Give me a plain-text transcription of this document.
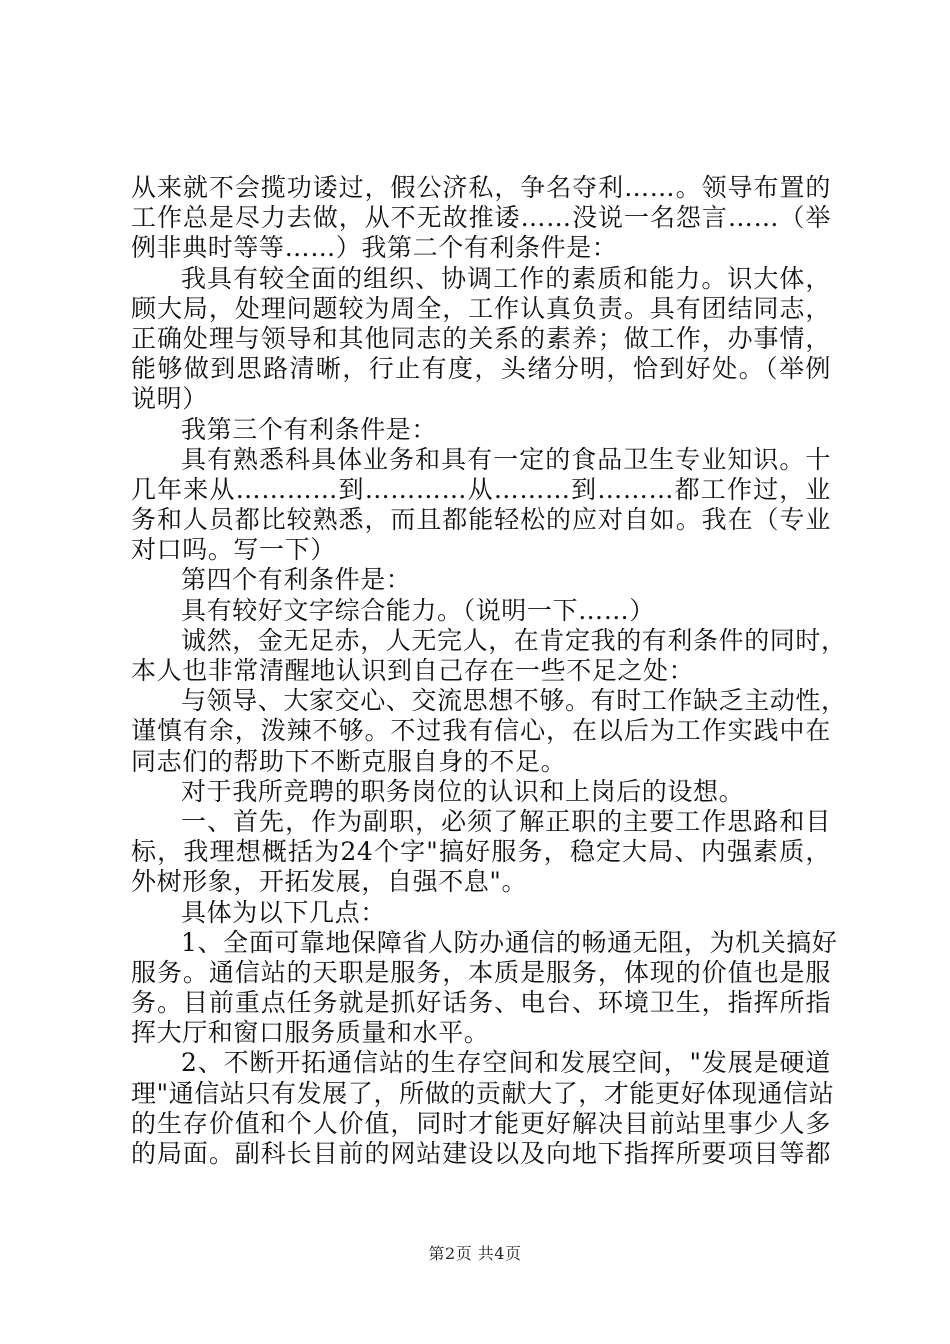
从来就不会揽功诿过，假公济私，争名夺利……。领导布置的
工作总是尽力去做，从不无故推诿……没说一名怨言……（举
例非典时等等……）我第二个有利条件是：
我具有较全面的组织、协调工作的素质和能力。识大体，
顾大局，处理问题较为周全，工作认真负责。具有团结同志，
正确处理与领导和其他同志的关系的素养；做工作，办事情，
能够做到思路清晰，行止有度，头绪分明，恰到好处。（举例
说明）
我第三个有利条件是：
具有熟悉科具体业务和具有一定的食品卫生专业知识。十
几年来从…………到…………从………到………都工作过，业
务和人员都比较熟悉，而且都能轻松的应对自如。我在（专业
对口吗。写一下）
第四个有利条件是：
具有较好文字综合能力。（说明一下……）
诚然，金无足赤，人无完人，在肯定我的有利条件的同时，
本人也非常清醒地认识到自己存在一些不足之处：
与领导、大家交心、交流思想不够。有时工作缺乏主动性，
谨慎有余，泼辣不够。不过我有信心，在以后为工作实践中在
同志们的帮助下不断克服自身的不足。
对于我所竞聘的职务岗位的认识和上岗后的设想。
一、首先，作为副职，必须了解正职的主要工作思路和目
标，我理想概括为24个字"搞好服务，稳定大局、内强素质，
外树形象，开拓发展，自强不息"。
具体为以下几点：
1、全面可靠地保障省人防办通信的畅通无阻，为机关搞好
服务。通信站的天职是服务，本质是服务，体现的价值也是服
务。目前重点任务就是抓好话务、电台、环境卫生，指挥所指
挥大厅和窗口服务质量和水平。
2、不断开拓通信站的生存空间和发展空间，"发展是硬道
理"通信站只有发展了，所做的贡献大了，才能更好体现通信站
的生存价值和个人价值，同时才能更好解决目前站里事少人多
的局面。副科长目前的网站建设以及向地下指挥所要项目等都
第2页 共4页
